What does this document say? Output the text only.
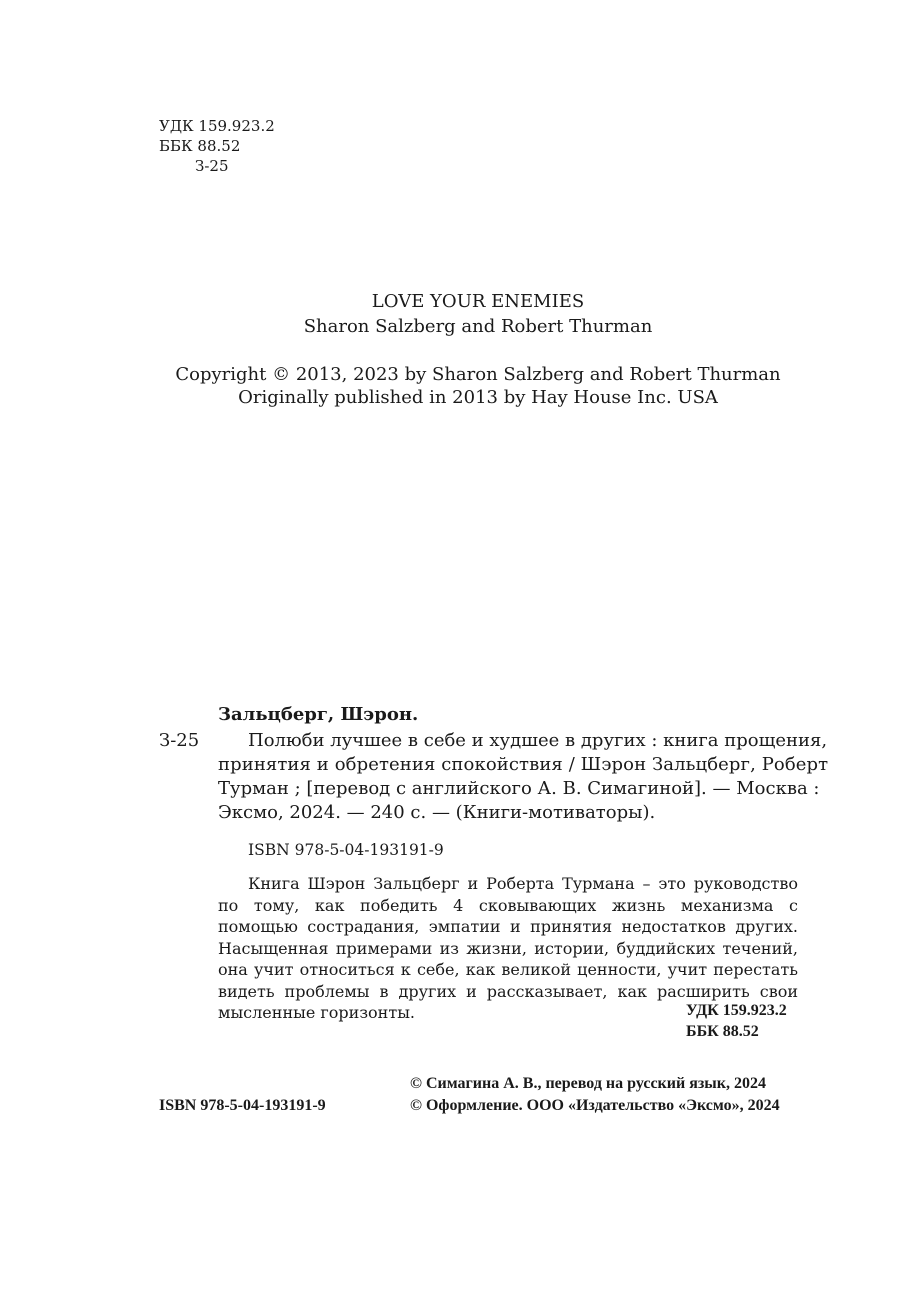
УДК 159.923.2
ББК 88.52
З-25
LOVE YOUR ENEMIES
Sharon Salzberg and Robert Thurman
Copyright © 2013, 2023 by Sharon Salzberg and Robert Thurman
Originally published in 2013 by Hay House Inc. USA
Зальцберг, Шэрон.
З-25	Полюби лучшее в себе и худшее в других : книга прощения,
принятия и обретения спокойствия / Шэрон Зальцберг, Роберт
Турман ; [перевод с английского А. В. Симагиной]. — Москва :
Эксмо, 2024. — 240 с. — (Книги-мотиваторы).
ISBN 978-5-04-193191-9

Книга Шэрон Зальцберг и Роберта Турмана – это руководство по тому, как победить 4 сковывающих жизнь механизма с помощью сострадания, эмпатии и принятия недостатков других. Насыщенная примерами из жизни, истории, буддийских течений, она учит относиться к себе, как великой ценности, учит перестать видеть проблемы в других и рассказывает, как расширить свои мысленные горизонты.	УДК 159.923.2
ББК 88.52
© Симагина А. В., перевод на русский язык, 2024
ISBN 978-5-04-193191-9	© Оформление. ООО «Издательство «Эксмо», 2024
